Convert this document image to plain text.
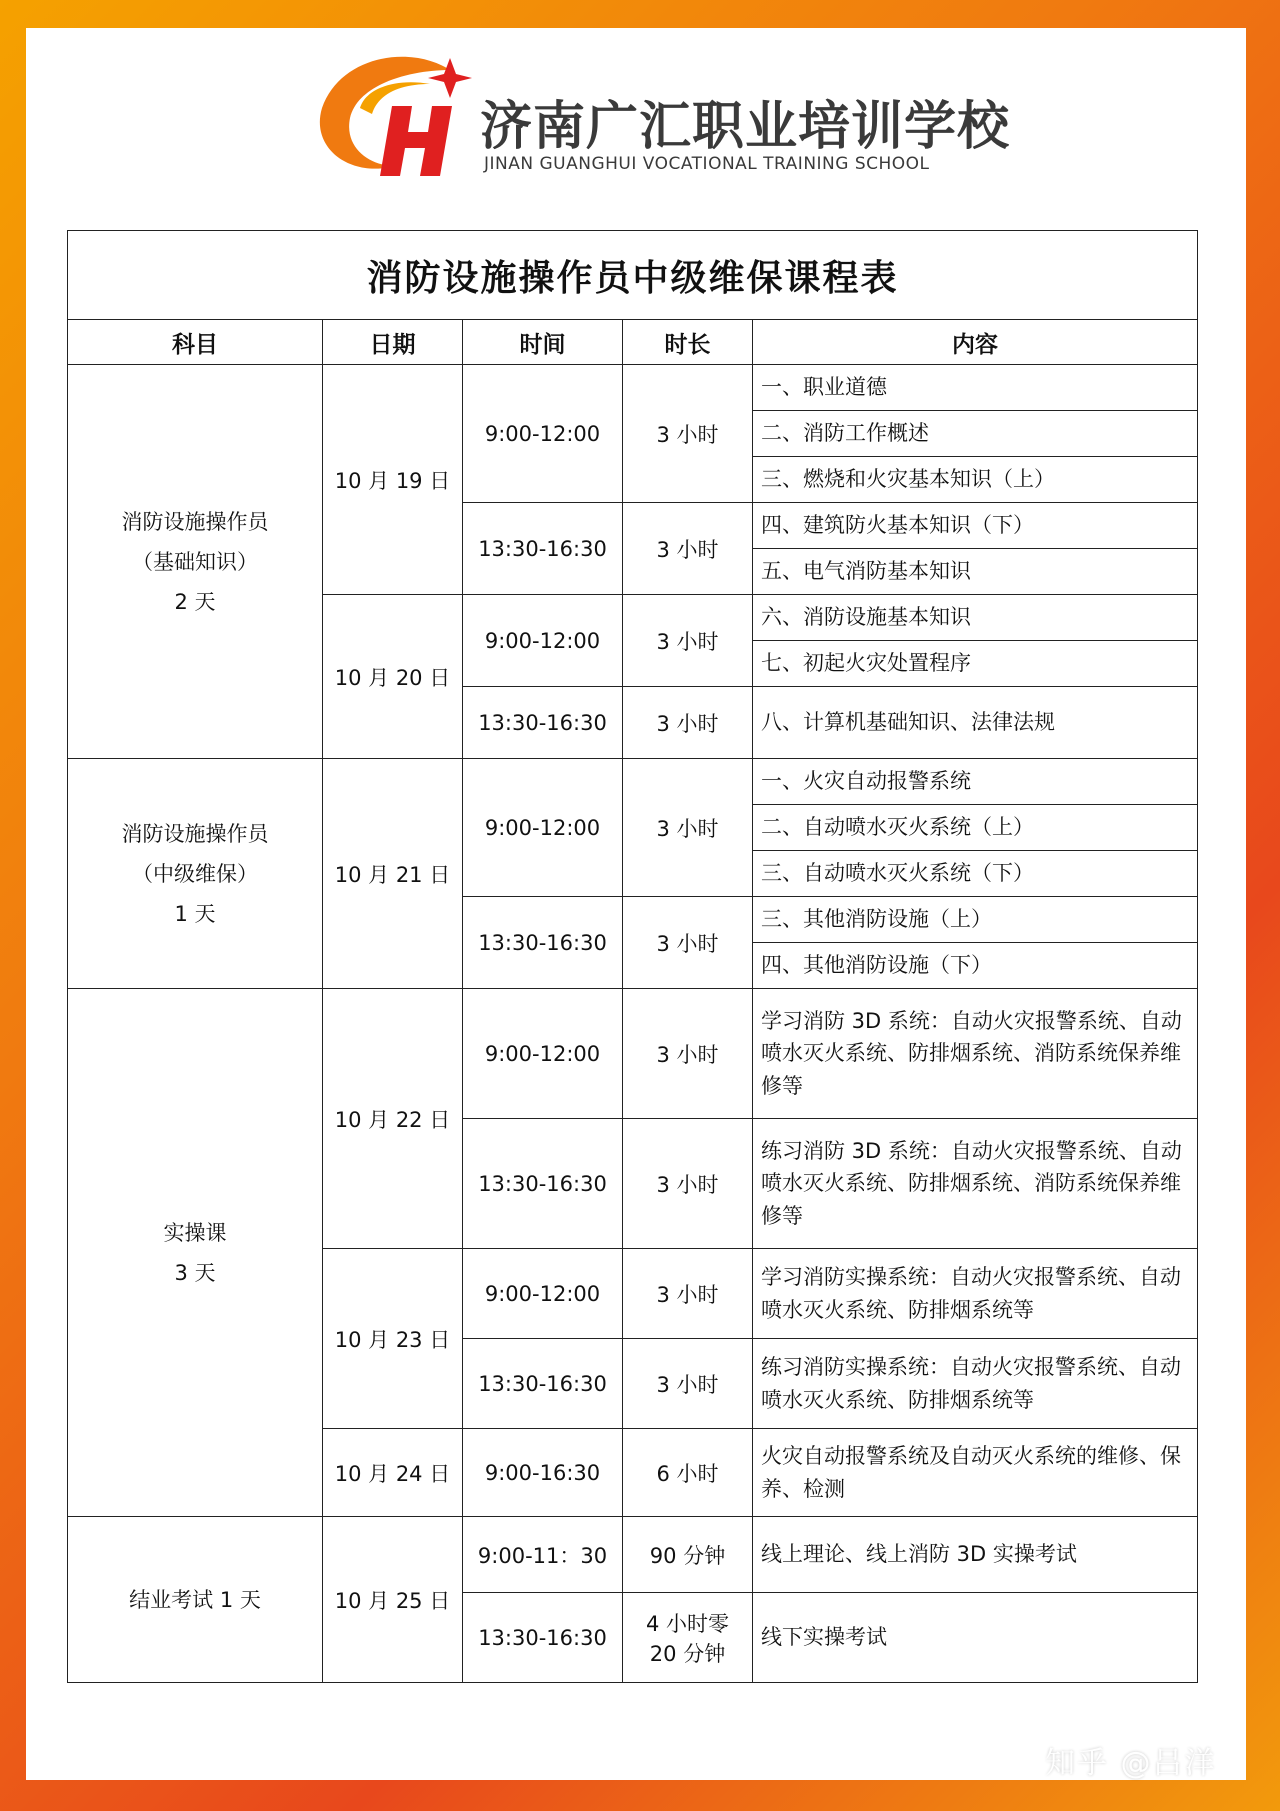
济南广汇职业培训学校
JINAN GUANGHUI VOCATIONAL TRAINING SCHOOL
消防设施操作员中级维保课程表				
科目	日期	时间	时长	内容

消防设施操作员
（基础知识）
2 天	10 月 19 日	9:00-12:00	3 小时	一、职业道德
				二、消防工作概述
				三、燃烧和火灾基本知识（上）
		13:30-16:30	3 小时	四、建筑防火基本知识（下）
				五、电气消防基本知识
	10 月 20 日	9:00-12:00	3 小时	六、消防设施基本知识
				七、初起火灾处置程序
		13:30-16:30	3 小时	八、计算机基础知识、法律法规

消防设施操作员
（中级维保）
1 天	10 月 21 日	9:00-12:00	3 小时	一、火灾自动报警系统
				二、自动喷水灭火系统（上）
				三、自动喷水灭火系统（下）
		13:30-16:30	3 小时	三、其他消防设施（上）
				四、其他消防设施（下）

实操课
3 天	10 月 22 日	9:00-12:00	3 小时	学习消防 3D 系统：自动火灾报警系统、自动喷水灭火系统、防排烟系统、消防系统保养维修等
		13:30-16:30	3 小时	练习消防 3D 系统：自动火灾报警系统、自动喷水灭火系统、防排烟系统、消防系统保养维修等
	10 月 23 日	9:00-12:00	3 小时	学习消防实操系统：自动火灾报警系统、自动喷水灭火系统、防排烟系统等
		13:30-16:30	3 小时	练习消防实操系统：自动火灾报警系统、自动喷水灭火系统、防排烟系统等
	10 月 24 日	9:00-16:30	6 小时	火灾自动报警系统及自动灭火系统的维修、保养、检测

结业考试 1 天	10 月 25 日	9:00-11：30	90 分钟	线上理论、线上消防 3D 实操考试
		13:30-16:30	4 小时零 20 分钟	线下实操考试
知乎 @吕洋
